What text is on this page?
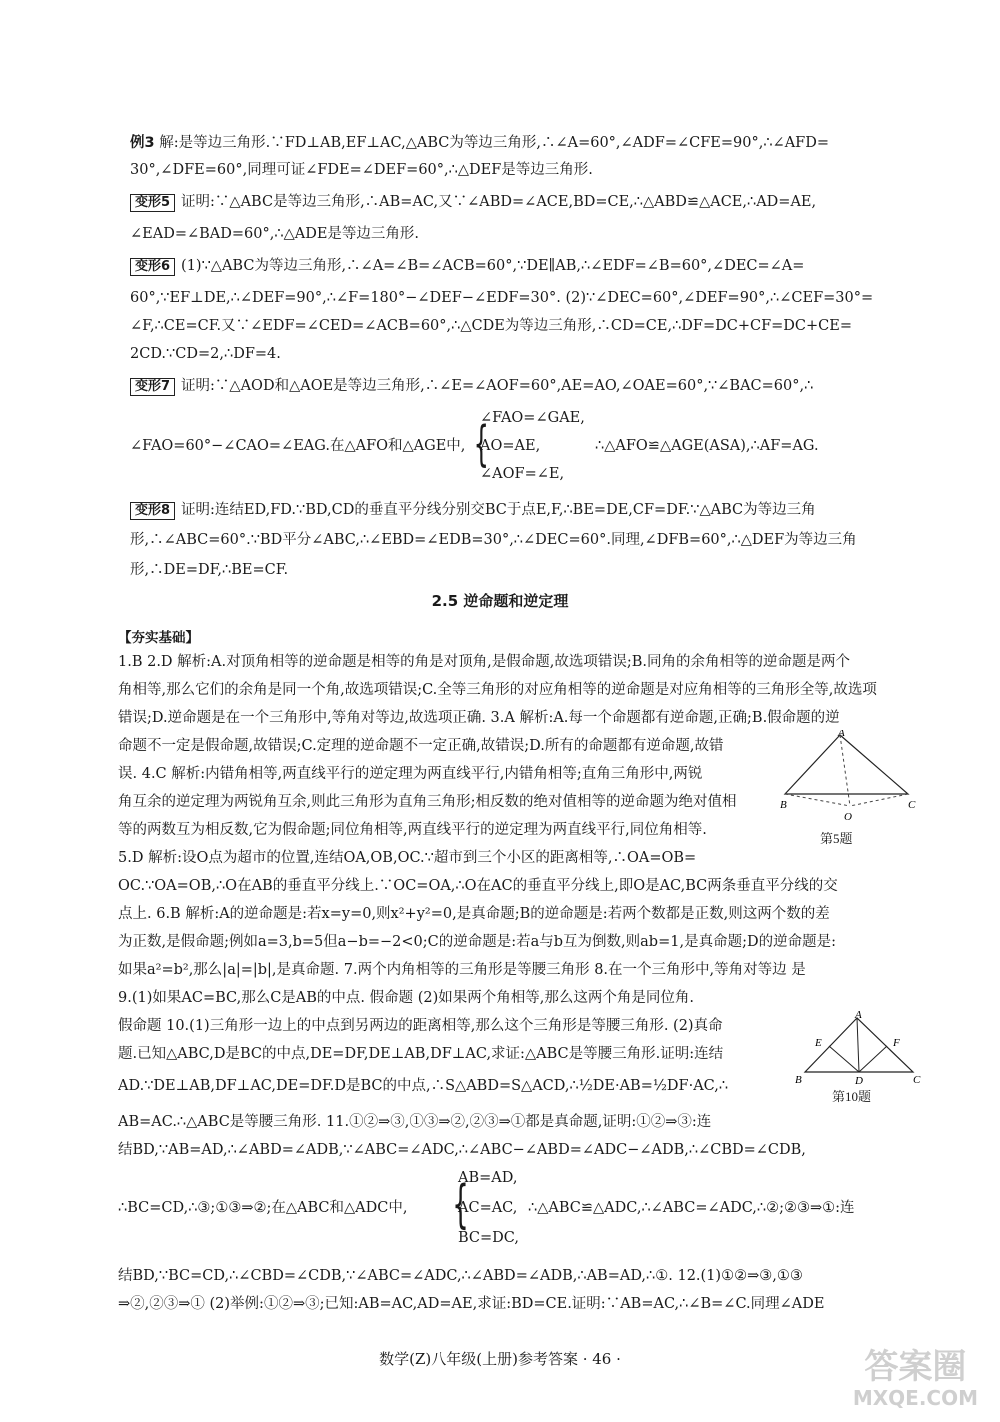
例3 解:是等边三角形.∵FD⊥AB,EF⊥AC,△ABC为等边三角形,∴∠A=60°,∠ADF=∠CFE=90°,∴∠AFD=
30°,∠DFE=60°,同理可证∠FDE=∠DEF=60°,∴△DEF是等边三角形.
变形5 证明:∵△ABC是等边三角形,∴AB=AC,又∵∠ABD=∠ACE,BD=CE,∴△ABD≌△ACE,∴AD=AE,
∠EAD=∠BAD=60°,∴△ADE是等边三角形.
变形6 (1)∵△ABC为等边三角形,∴∠A=∠B=∠ACB=60°,∵DE∥AB,∴∠EDF=∠B=60°,∠DEC=∠A=
60°,∵EF⊥DE,∴∠DEF=90°,∴∠F=180°−∠DEF−∠EDF=30°. (2)∵∠DEC=60°,∠DEF=90°,∴∠CEF=30°=
∠F,∴CE=CF.又∵∠EDF=∠CED=∠ACB=60°,∴△CDE为等边三角形,∴CD=CE,∴DF=DC+CF=DC+CE=
2CD.∵CD=2,∴DF=4.
变形7 证明:∵△AOD和△AOE是等边三角形,∴∠E=∠AOF=60°,AE=AO,∠OAE=60°,∵∠BAC=60°,∴
∠FAO=60°−∠CAO=∠EAG.在△AFO和△AGE中, {
∠FAO=∠GAE,
AO=AE,
∠AOF=∠E,
∴△AFO≌△AGE(ASA),∴AF=AG.
变形8 证明:连结ED,FD.∵BD,CD的垂直平分线分别交BC于点E,F,∴BE=DE,CF=DF.∵△ABC为等边三角
形,∴∠ABC=60°.∵BD平分∠ABC,∴∠EBD=∠EDB=30°,∴∠DEC=60°.同理,∠DFB=60°,∴△DEF为等边三角
形,∴DE=DF,∴BE=CF.
2.5 逆命题和逆定理
【夯实基础】
1.B 2.D 解析:A.对顶角相等的逆命题是相等的角是对顶角,是假命题,故选项错误;B.同角的余角相等的逆命题是两个
角相等,那么它们的余角是同一个角,故选项错误;C.全等三角形的对应角相等的逆命题是对应角相等的三角形全等,故选项
错误;D.逆命题是在一个三角形中,等角对等边,故选项正确. 3.A 解析:A.每一个命题都有逆命题,正确;B.假命题的逆
命题不一定是假命题,故错误;C.定理的逆命题不一定正确,故错误;D.所有的命题都有逆命题,故错
误. 4.C 解析:内错角相等,两直线平行的逆定理为两直线平行,内错角相等;直角三角形中,两锐
角互余的逆定理为两锐角互余,则此三角形为直角三角形;相反数的绝对值相等的逆命题为绝对值相
等的两数互为相反数,它为假命题;同位角相等,两直线平行的逆定理为两直线平行,同位角相等.
5.D 解析:设O点为超市的位置,连结OA,OB,OC.∵超市到三个小区的距离相等,∴OA=OB=
OC.∵OA=OB,∴O在AB的垂直平分线上.∵OC=OA,∴O在AC的垂直平分线上,即O是AC,BC两条垂直平分线的交
点上. 6.B 解析:A的逆命题是:若x=y=0,则x²+y²=0,是真命题;B的逆命题是:若两个数都是正数,则这两个数的差
为正数,是假命题;例如a=3,b=5但a−b=−2<0;C的逆命题是:若a与b互为倒数,则ab=1,是真命题;D的逆命题是:
如果a²=b²,那么|a|=|b|,是真命题. 7.两个内角相等的三角形是等腰三角形 8.在一个三角形中,等角对等边 是
9.(1)如果AC=BC,那么C是AB的中点. 假命题 (2)如果两个角相等,那么这两个角是同位角.
假命题 10.(1)三角形一边上的中点到另两边的距离相等,那么这个三角形是等腰三角形. (2)真命
题.已知△ABC,D是BC的中点,DE=DF,DE⊥AB,DF⊥AC,求证:△ABC是等腰三角形.证明:连结
AD.∵DE⊥AB,DF⊥AC,DE=DF.D是BC的中点,∴S△ABD=S△ACD,∴½DE·AB=½DF·AC,∴
AB=AC.∴△ABC是等腰三角形. 11.①②⇒③,①③⇒②,②③⇒①都是真命题,证明:①②⇒③:连
结BD,∵AB=AD,∴∠ABD=∠ADB,∵∠ABC=∠ADC,∴∠ABC−∠ABD=∠ADC−∠ADB,∴∠CBD=∠CDB,
∴BC=CD,∴③;①③⇒②;在△ABC和△ADC中, {
AB=AD,
AC=AC,
BC=DC,
∴△ABC≌△ADC,∴∠ABC=∠ADC,∴②;②③⇒①:连
结BD,∵BC=CD,∴∠CBD=∠CDB,∵∠ABC=∠ADC,∴∠ABD=∠ADB,∴AB=AD,∴①. 12.(1)①②⇒③,①③
⇒②,②③⇒① (2)举例:①②⇒③;已知:AB=AC,AD=AE,求证:BD=CE.证明:∵AB=AC,∴∠B=∠C.同理∠ADE
A
B	C
O
第5题
A
B	C
D
E	F
第10题
数学(Z)八年级(上册)参考答案 · 46 ·	答案圈
MXQE.COM
